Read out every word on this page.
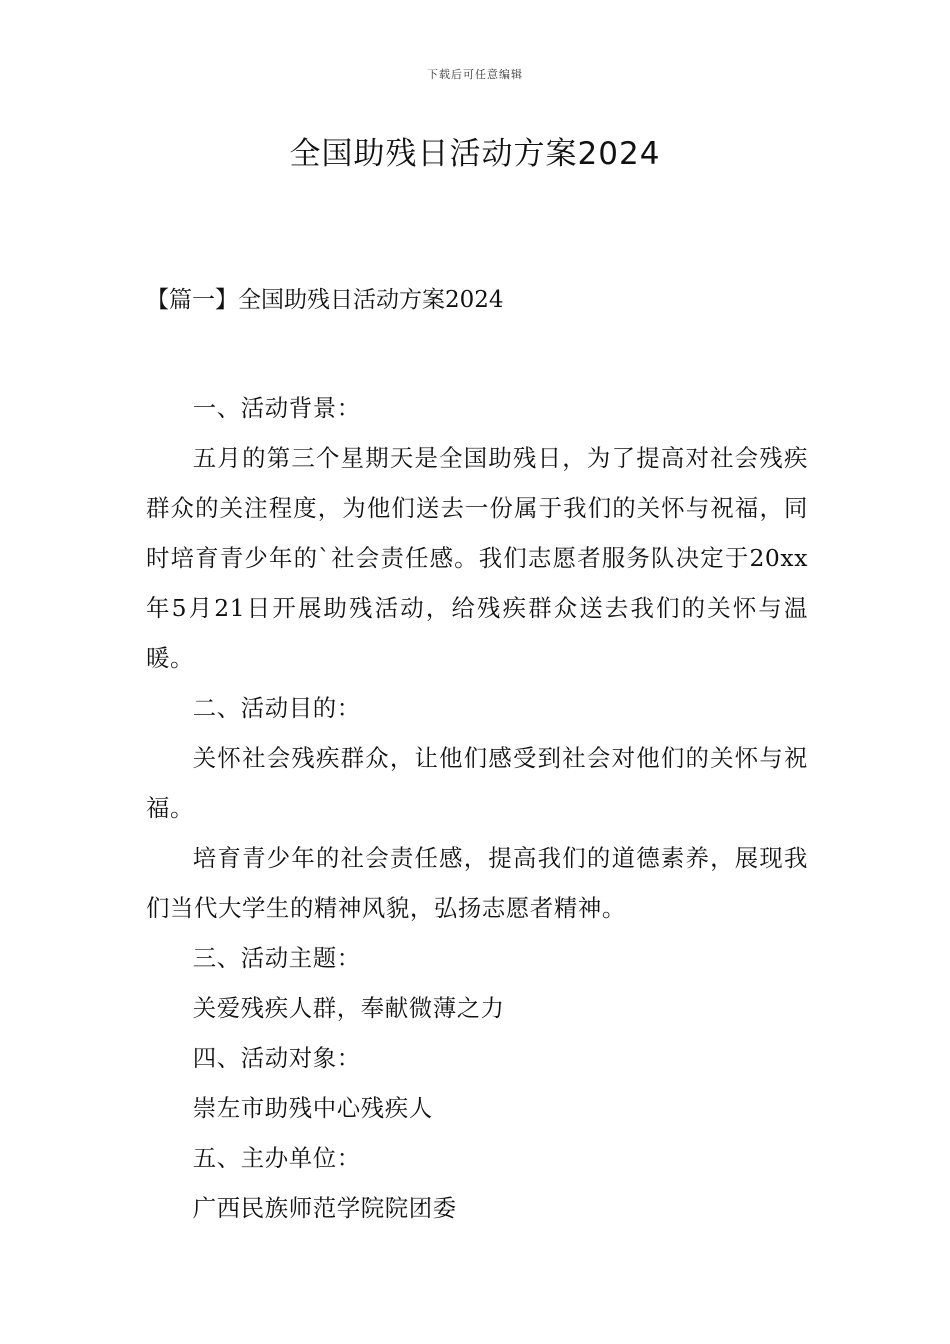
下载后可任意编辑
全国助残日活动方案2024
【篇一】全国助残日活动方案2024

一、活动背景：

五月的第三个星期天是全国助残日，为了提高对社会残疾群众的关注程度，为他们送去一份属于我们的关怀与祝福，同时培育青少年的`社会责任感。我们志愿者服务队决定于20xx年5月21日开展助残活动，给残疾群众送去我们的关怀与温暖。

二、活动目的：

关怀社会残疾群众，让他们感受到社会对他们的关怀与祝福。

培育青少年的社会责任感，提高我们的道德素养，展现我们当代大学生的精神风貌，弘扬志愿者精神。

三、活动主题：

关爱残疾人群，奉献微薄之力

四、活动对象：

崇左市助残中心残疾人

五、主办单位：

广西民族师范学院院团委
